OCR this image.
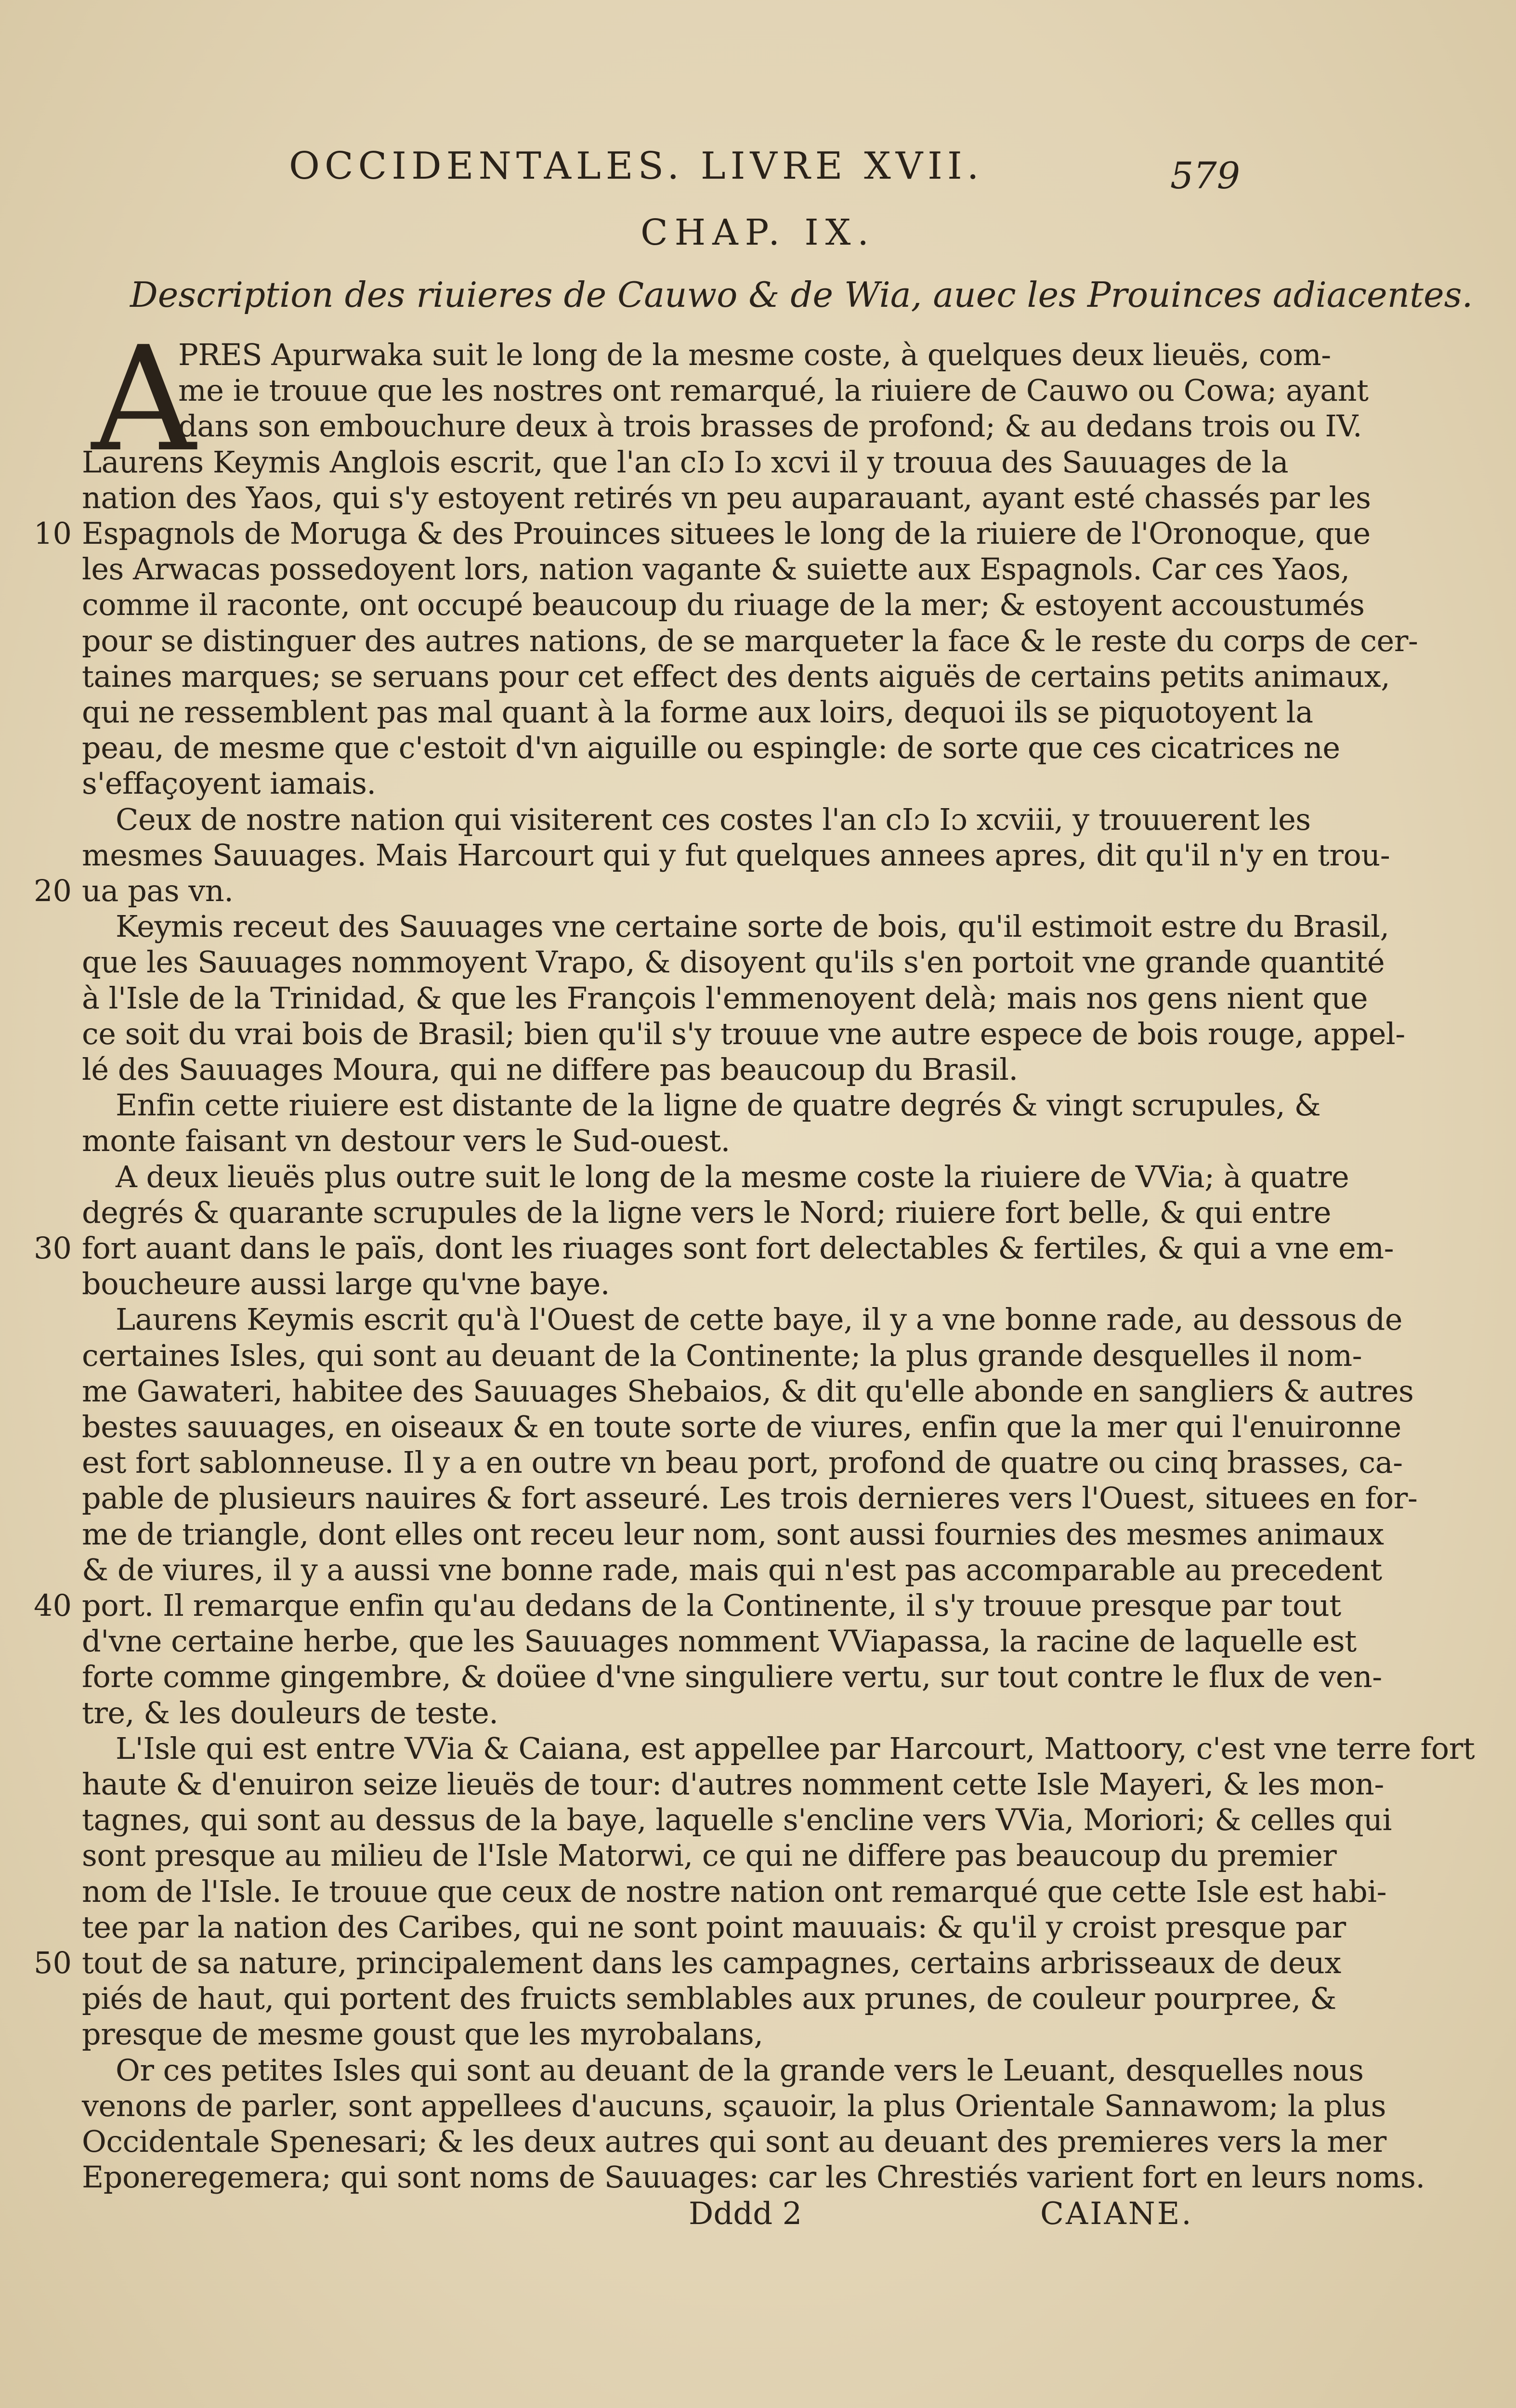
OCCIDENTALES. LIVRE XVII.	579
CHAP. IX.
Description des riuieres de Cauwo & de Wia, auec les Prouinces adiacentes.
A
PRES Apurwaka suit le long de la mesme coste, à quelques deux lieuës, com-
me ie trouue que les nostres ont remarqué, la riuiere de Cauwo ou Cowa; ayant
dans son embouchure deux à trois brasses de profond; & au dedans trois ou IV.
Laurens Keymis Anglois escrit, que l'an cIɔ Iɔ xcvi il y trouua des Sauuages de la
nation des Yaos, qui s'y estoyent retirés vn peu auparauant, ayant esté chassés par les
Espagnols de Moruga & des Prouinces situees le long de la riuiere de l'Oronoque, que
les Arwacas possedoyent lors, nation vagante & suiette aux Espagnols. Car ces Yaos,
comme il raconte, ont occupé beaucoup du riuage de la mer; & estoyent accoustumés
pour se distinguer des autres nations, de se marqueter la face & le reste du corps de cer-
taines marques; se seruans pour cet effect des dents aiguës de certains petits animaux,
qui ne ressemblent pas mal quant à la forme aux loirs, dequoi ils se piquotoyent la
peau, de mesme que c'estoit d'vn aiguille ou espingle: de sorte que ces cicatrices ne
s'effaçoyent iamais.
Ceux de nostre nation qui visiterent ces costes l'an cIɔ Iɔ xcviii, y trouuerent les
mesmes Sauuages. Mais Harcourt qui y fut quelques annees apres, dit qu'il n'y en trou-
ua pas vn.
Keymis receut des Sauuages vne certaine sorte de bois, qu'il estimoit estre du Brasil,
que les Sauuages nommoyent Vrapo, & disoyent qu'ils s'en portoit vne grande quantité
à l'Isle de la Trinidad, & que les François l'emmenoyent delà; mais nos gens nient que
ce soit du vrai bois de Brasil; bien qu'il s'y trouue vne autre espece de bois rouge, appel-
lé des Sauuages Moura, qui ne differe pas beaucoup du Brasil.
Enfin cette riuiere est distante de la ligne de quatre degrés & vingt scrupules, &
monte faisant vn destour vers le Sud-ouest.
A deux lieuës plus outre suit le long de la mesme coste la riuiere de VVia; à quatre
degrés & quarante scrupules de la ligne vers le Nord; riuiere fort belle, & qui entre
fort auant dans le païs, dont les riuages sont fort delectables & fertiles, & qui a vne em-
boucheure aussi large qu'vne baye.
Laurens Keymis escrit qu'à l'Ouest de cette baye, il y a vne bonne rade, au dessous de
certaines Isles, qui sont au deuant de la Continente; la plus grande desquelles il nom-
me Gawateri, habitee des Sauuages Shebaios, & dit qu'elle abonde en sangliers & autres
bestes sauuages, en oiseaux & en toute sorte de viures, enfin que la mer qui l'enuironne
est fort sablonneuse. Il y a en outre vn beau port, profond de quatre ou cinq brasses, ca-
pable de plusieurs nauires & fort asseuré. Les trois dernieres vers l'Ouest, situees en for-
me de triangle, dont elles ont receu leur nom, sont aussi fournies des mesmes animaux
& de viures, il y a aussi vne bonne rade, mais qui n'est pas accomparable au precedent
port. Il remarque enfin qu'au dedans de la Continente, il s'y trouue presque par tout
d'vne certaine herbe, que les Sauuages nomment VViapassa, la racine de laquelle est
forte comme gingembre, & doüee d'vne singuliere vertu, sur tout contre le flux de ven-
tre, & les douleurs de teste.
L'Isle qui est entre VVia & Caiana, est appellee par Harcourt, Mattoory, c'est vne terre fort
haute & d'enuiron seize lieuës de tour: d'autres nomment cette Isle Mayeri, & les mon-
tagnes, qui sont au dessus de la baye, laquelle s'encline vers VVia, Moriori; & celles qui
sont presque au milieu de l'Isle Matorwi, ce qui ne differe pas beaucoup du premier
nom de l'Isle. Ie trouue que ceux de nostre nation ont remarqué que cette Isle est habi-
tee par la nation des Caribes, qui ne sont point mauuais: & qu'il y croist presque par
tout de sa nature, principalement dans les campagnes, certains arbrisseaux de deux
piés de haut, qui portent des fruicts semblables aux prunes, de couleur pourpree, &
presque de mesme goust que les myrobalans,
Or ces petites Isles qui sont au deuant de la grande vers le Leuant, desquelles nous
venons de parler, sont appellees d'aucuns, sçauoir, la plus Orientale Sannawom; la plus
Occidentale Spenesari; & les deux autres qui sont au deuant des premieres vers la mer
Eponeregemera; qui sont noms de Sauuages: car les Chrestiés varient fort en leurs noms.
10
20
30
40
50
Dddd 2	CAIANE.
